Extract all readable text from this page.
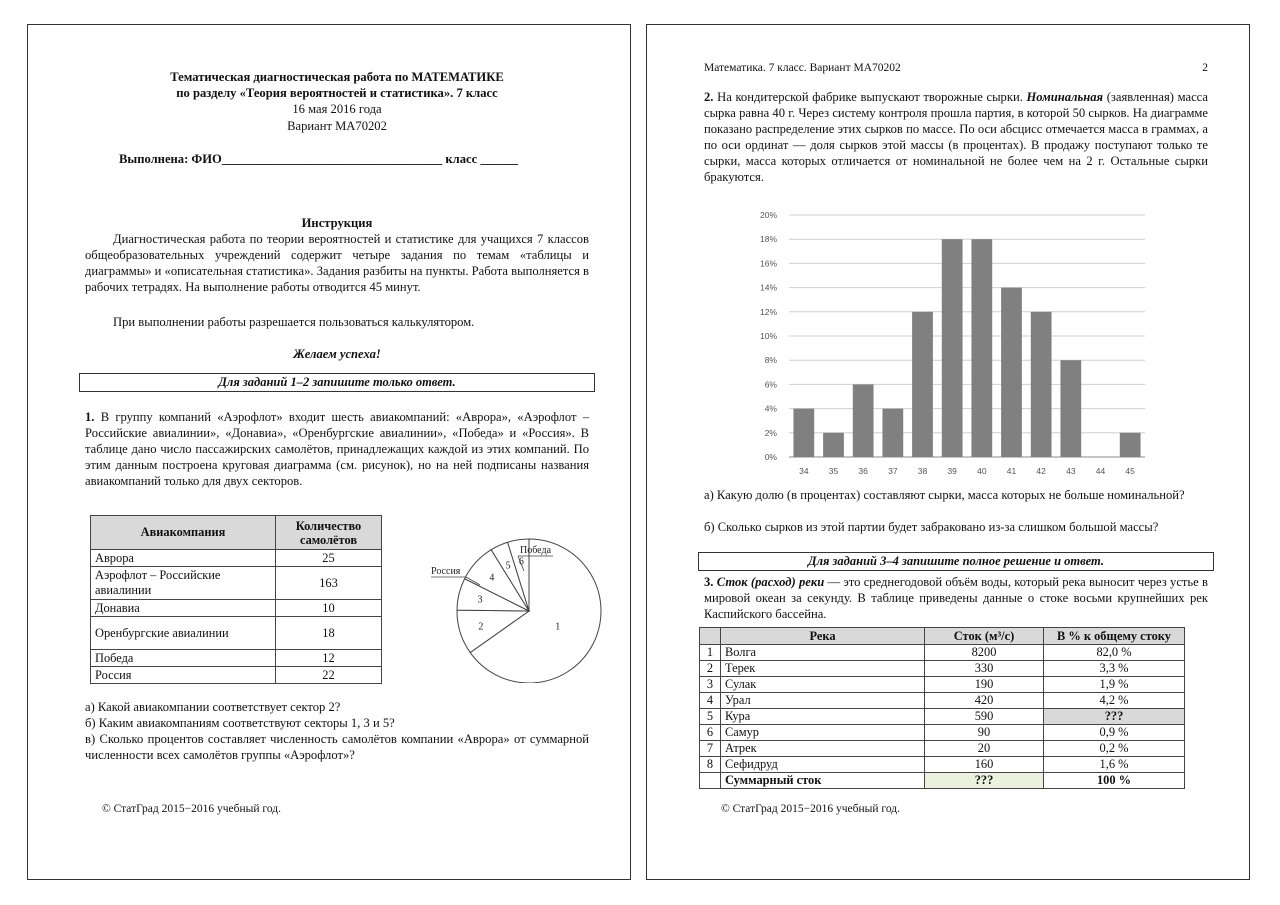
Тематическая диагностическая работа по МАТЕМАТИКЕ
по разделу «Теория вероятностей и статистика». 7 класс
16 мая 2016 года
Вариант МА70202
Выполнена: ФИО___________________________________ класс ______
Инструкция
Диагностическая работа по теории вероятностей и статистике для учащихся 7 классов общеобразовательных учреждений содержит четыре задания по темам «таблицы и диаграммы» и «описательная статистика». Задания разбиты на пункты. Работа выполняется в рабочих тетрадях. На выполнение работы отводится 45 минут.
При выполнении работы разрешается пользоваться калькулятором.
Желаем успеха!
Для заданий 1–2 запишите только ответ.
1. В группу компаний «Аэрофлот» входит шесть авиакомпаний: «Аврора», «Аэрофлот – Российские авиалинии», «Донавиа», «Оренбургские авиалинии», «Победа» и «Россия». В таблице дано число пассажирских самолётов, принадлежащих каждой из этих компаний. По этим данным построена круговая диаграмма (см. рисунок), но на ней подписаны названия авиакомпаний только для двух секторов.
Авиакомпания	Количество самолётов
Аврора	25
Аэрофлот – Российские авиалинии	163
Донавиа	10
Оренбургские авиалинии	18
Победа	12
Россия	22
1
2
3
4
5 6
Победа
Россия
а) Какой авиакомпании соответствует сектор 2?
б) Каким авиакомпаниям соответствуют секторы 1, 3 и 5?
в) Сколько процентов составляет численность самолётов компании «Аврора» от суммарной численности всех самолётов группы «Аэрофлот»?
© СтатГрад 2015−2016 учебный год.
Математика. 7 класс. Вариант МА70202	2
2. На кондитерской фабрике выпускают творожные сырки. Номинальная (заявленная) масса сырка равна 40 г. Через систему контроля прошла партия, в которой 50 сырков. На диаграмме показано распределение этих сырков по массе. По оси абсцисс отмечается масса в граммах, а по оси ординат — доля сырков этой массы (в процентах). В продажу поступают только те сырки, масса которых отличается от номинальной не более чем на 2 г. Остальные сырки бракуются.
0%
2%
4%
6%
8%
10%
12%
14%
16%
18%
20%
34 35 36 37 38 39 40 41 42 43 44 45
а) Какую долю (в процентах) составляют сырки, масса которых не больше номинальной?
б) Сколько сырков из этой партии будет забраковано из-за слишком большой массы?
Для заданий 3–4 запишите полное решение и ответ.
3. Сток (расход) реки — это среднегодовой объём воды, который река выносит через устье в мировой океан за секунду. В таблице приведены данные о стоке восьми крупнейших рек Каспийского бассейна.
	Река	Сток (м³/с)	В % к общему стоку
1	Волга	8200	82,0 %
2	Терек	330	3,3 %
3	Сулак	190	1,9 %
4	Урал	420	4,2 %
5	Кура	590	???
6	Самур	90	0,9 %
7	Атрек	20	0,2 %
8	Сефидруд	160	1,6 %
	Суммарный сток	???	100 %
© СтатГрад 2015−2016 учебный год.
